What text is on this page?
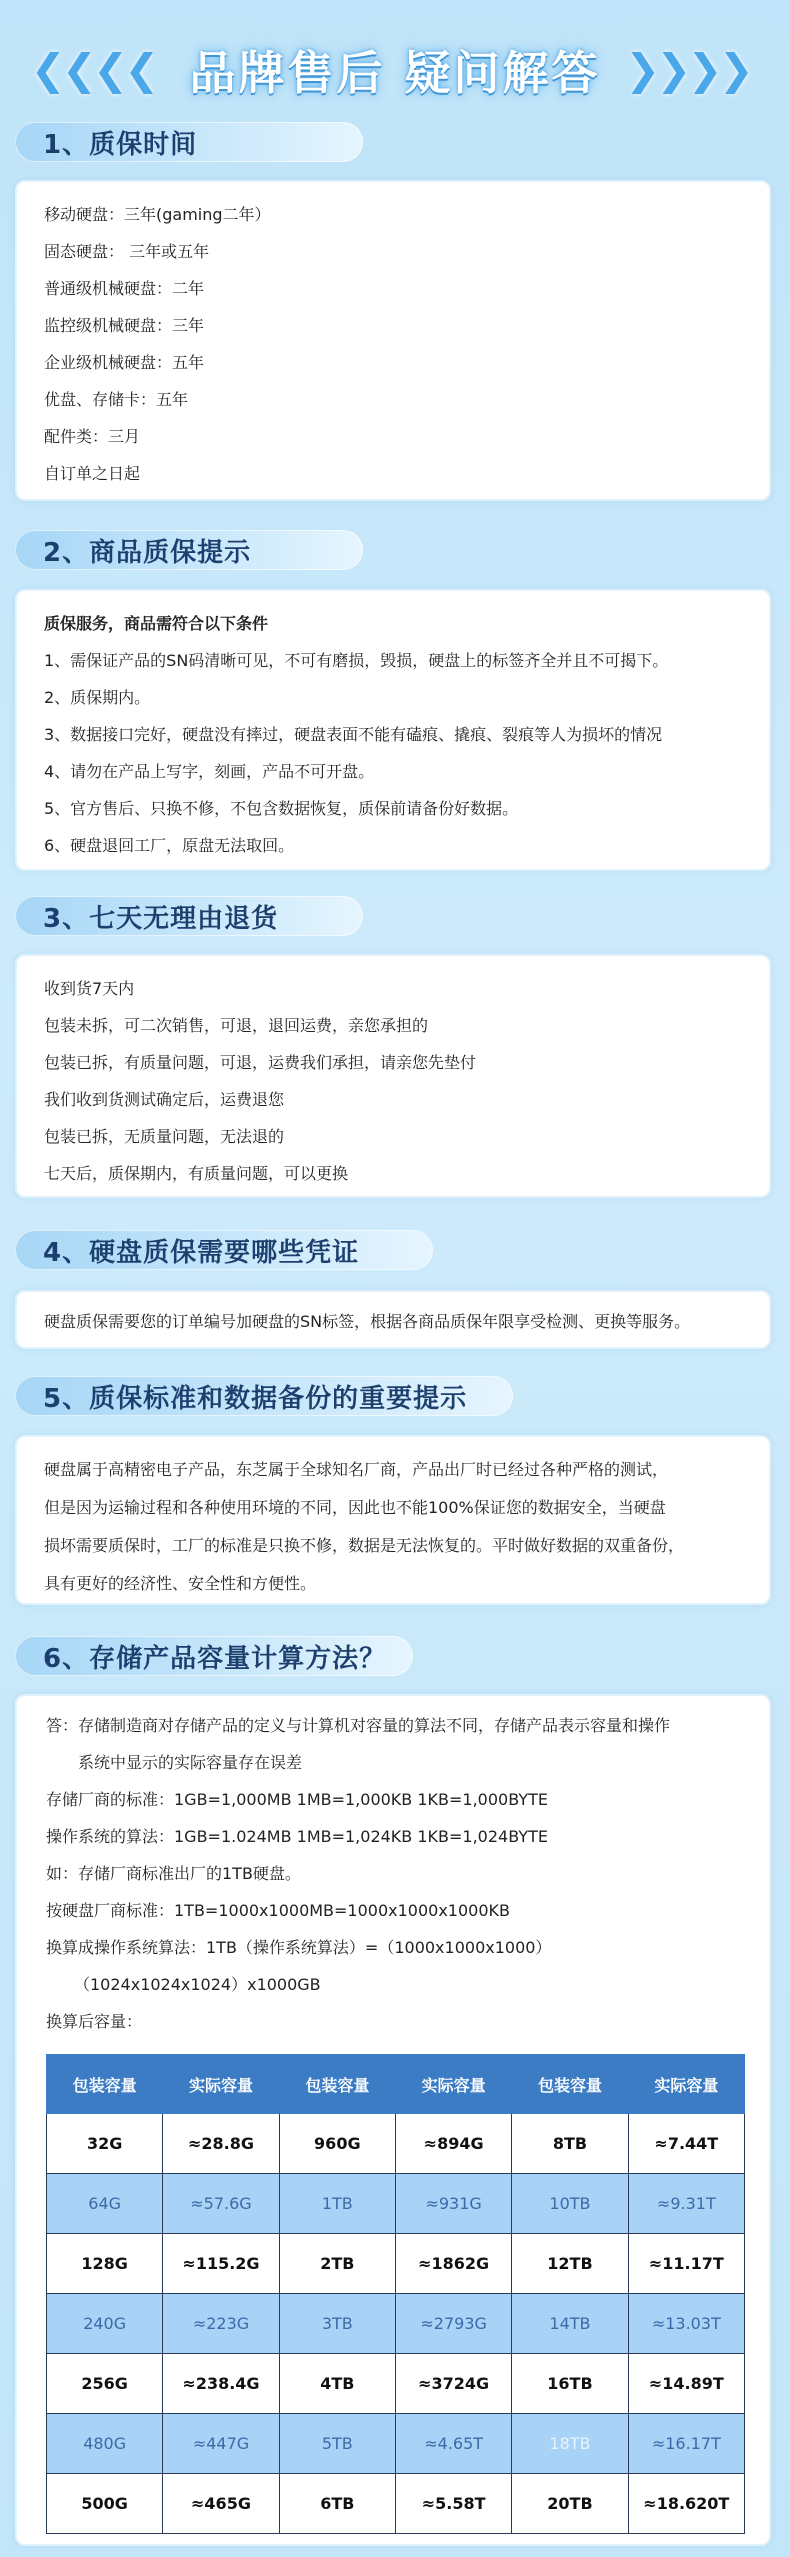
❮ ❮ ❮ ❮ 品牌售后 疑问解答	❮
❮
❮
❮
1、质保时间
移动硬盘：三年(gaming二年）
固态硬盘： 三年或五年
普通级机械硬盘：二年
监控级机械硬盘：三年
企业级机械硬盘：五年
优盘、存储卡：五年
配件类：三月
自订单之日起
2、商品质保提示
质保服务，商品需符合以下条件
1、需保证产品的SN码清晰可见，不可有磨损，毁损，硬盘上的标签齐全并且不可揭下。
2、质保期内。
3、数据接口完好，硬盘没有摔过，硬盘表面不能有磕痕、撬痕、裂痕等人为损坏的情况
4、请勿在产品上写字，刻画，产品不可开盘。
5、官方售后、只换不修，不包含数据恢复，质保前请备份好数据。
6、硬盘退回工厂，原盘无法取回。
3、七天无理由退货
收到货7天内
包装未拆，可二次销售，可退，退回运费，亲您承担的
包装已拆，有质量问题，可退，运费我们承担，请亲您先垫付
我们收到货测试确定后，运费退您
包装已拆，无质量问题，无法退的
七天后，质保期内，有质量问题，可以更换
4、硬盘质保需要哪些凭证
硬盘质保需要您的订单编号加硬盘的SN标签，根据各商品质保年限享受检测、更换等服务。
5、质保标准和数据备份的重要提示
硬盘属于高精密电子产品，东芝属于全球知名厂商，产品出厂时已经过各种严格的测试，
但是因为运输过程和各种使用环境的不同，因此也不能100%保证您的数据安全，当硬盘
损坏需要质保时，工厂的标准是只换不修，数据是无法恢复的。平时做好数据的双重备份，
具有更好的经济性、安全性和方便性。
6、存储产品容量计算方法？
答：存储制造商对存储产品的定义与计算机对容量的算法不同，存储产品表示容量和操作
系统中显示的实际容量存在误差
存储厂商的标准：1GB=1,000MB 1MB=1,000KB 1KB=1,000BYTE
操作系统的算法：1GB=1.024MB 1MB=1,024KB 1KB=1,024BYTE
如：存储厂商标准出厂的1TB硬盘。
按硬盘厂商标准：1TB=1000x1000MB=1000x1000x1000KB
换算成操作系统算法：1TB（操作系统算法）=（1000x1000x1000）
（1024x1024x1024）x1000GB
换算后容量：
包装容量	实际容量	包装容量	实际容量	包装容量	实际容量
32G	≈28.8G	960G	≈894G	8TB	≈7.44T
64G	≈57.6G	1TB	≈931G	10TB	≈9.31T
128G	≈115.2G	2TB	≈1862G	12TB	≈11.17T
240G	≈223G	3TB	≈2793G	14TB	≈13.03T
256G	≈238.4G	4TB	≈3724G	16TB	≈14.89T
480G	≈447G	5TB	≈4.65T	18TB	≈16.17T
500G	≈465G	6TB	≈5.58T	20TB	≈18.620T
